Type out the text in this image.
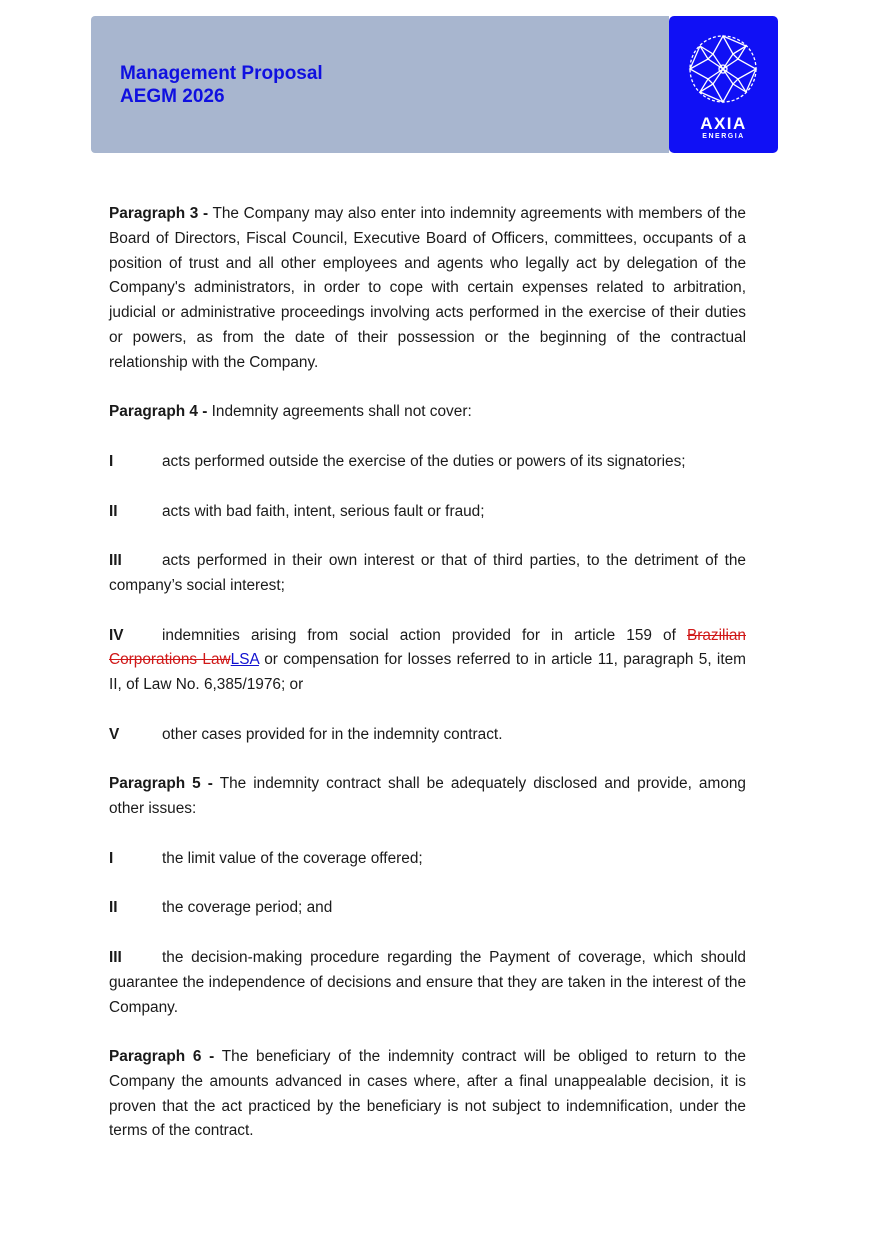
Management Proposal
AEGM 2026
AXIA
ENERGIA

Paragraph 3 - The Company may also enter into indemnity agreements with members of the Board of Directors, Fiscal Council, Executive Board of Officers, committees, occupants of a position of trust and all other employees and agents who legally act by delegation of the Company's administrators, in order to cope with certain expenses related to arbitration, judicial or administrative proceedings involving acts performed in the exercise of their duties or powers, as from the date of their possession or the beginning of the contractual relationship with the Company.

Paragraph 4 - Indemnity agreements shall not cover:

I	acts performed outside the exercise of the duties or powers of its signatories;

II	acts with bad faith, intent, serious fault or fraud;

III	acts performed in their own interest or that of third parties, to the detriment of the company’s social interest;

IV indemnities arising from social action provided for in article 159 of Brazilian Corporations LawLSA or compensation for losses referred to in article 11, paragraph 5, item II, of Law No. 6,385/1976; or

V	other cases provided for in the indemnity contract.

Paragraph 5 - The indemnity contract shall be adequately disclosed and provide, among other issues:

I	the limit value of the coverage offered;

II	the coverage period; and

III	the decision-making procedure regarding the Payment of coverage, which should guarantee the independence of decisions and ensure that they are taken in the interest of the Company.

Paragraph 6 - The beneficiary of the indemnity contract will be obliged to return to the Company the amounts advanced in cases where, after a final unappealable decision, it is proven that the act practiced by the beneficiary is not subject to indemnification, under the terms of the contract.
